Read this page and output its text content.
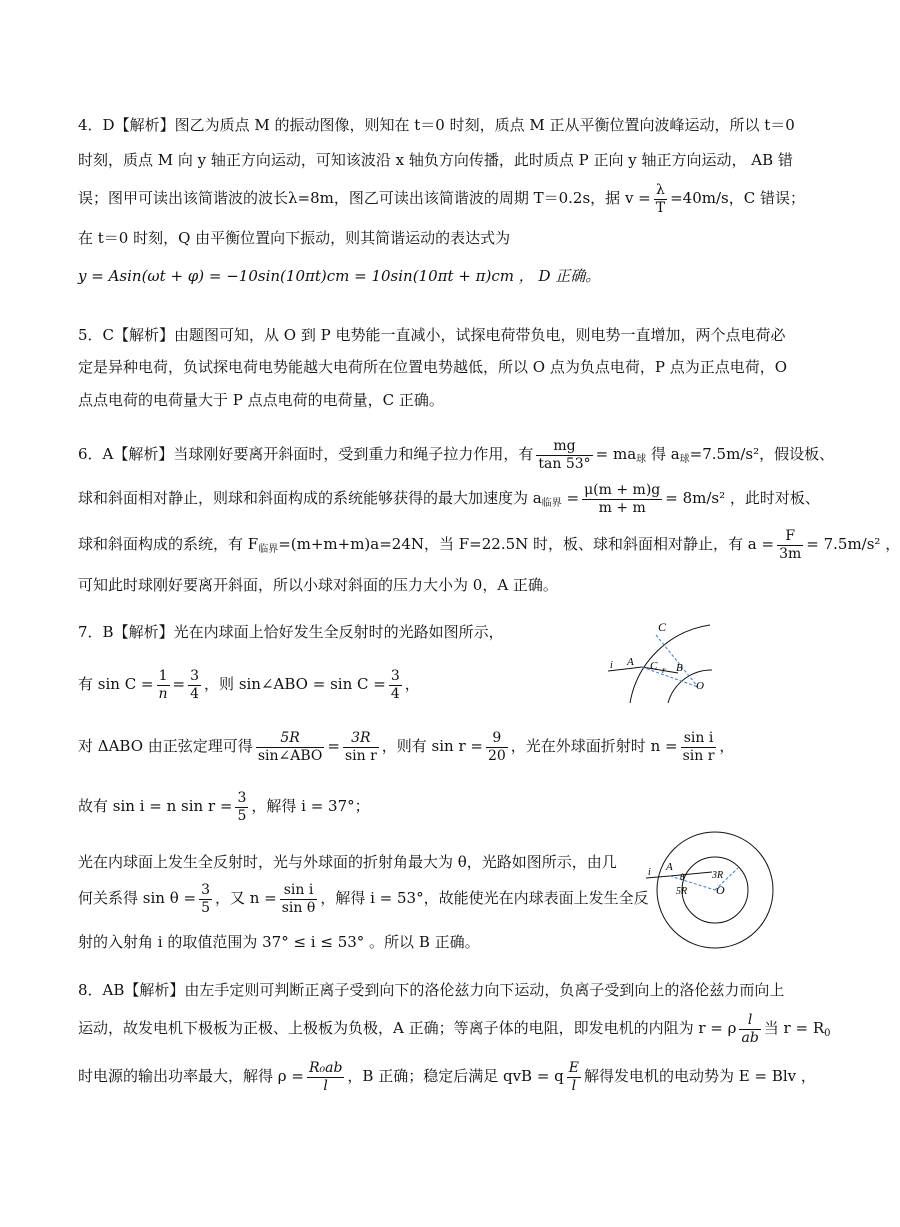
4．D【解析】图乙为质点 M 的振动图像，则知在 t＝0 时刻，质点 M 正从平衡位置向波峰运动，所以 t＝0
时刻，质点 M 向 y 轴正方向运动，可知该波沿 x 轴负方向传播，此时质点 P 正向 y 轴正方向运动， AB 错
误；图甲可读出该简谐波的波长λ=8m，图乙可读出该简谐波的周期 T＝0.2s，据 $v = \frac{\lambda}{T} =40m/s$，C 错误；
在 t＝0 时刻，Q 由平衡位置向下振动，则其简谐运动的表达式为
y = Asin(ωt + φ) = −10sin(10πt)cm = 10sin(10πt + π)cm ， D 正确。
5．C【解析】由题图可知，从 O 到 P 电势能一直减小，试探电荷带负电，则电势一直增加，两个点电荷必
定是异种电荷，负试探电荷电势能越大电荷所在位置电势越低，所以 O 点为负点电荷，P 点为正点电荷，O
点点电荷的电荷量大于 P 点点电荷的电荷量，C 正确。
6．A【解析】当球刚好要离开斜面时，受到重力和绳子拉力作用，有 $\frac{mg}{\tan 53^\circ} = ma_球$ 得 $a_球=7.5m/s^2$，假设板、
球和斜面相对静止，则球和斜面构成的系统能够获得的最大加速度为 $a_{临界} = \frac{\mu(m + m)g}{m + m} = 8m/s^2$ ，此时对板、
球和斜面构成的系统，有 $F_{临界}=(m+m+m)a=24N$，当 F=22.5N 时，板、球和斜面相对静止，有 $a = \frac{F}{3m} = 7.5m/s^2$ ，
可知此时球刚好要离开斜面，所以小球对斜面的压力大小为 0，A 正确。
7．B【解析】光在内球面上恰好发生全反射时的光路如图所示，
有 $\sin C = \frac{1}{n} = \frac{3}{4}$ ，则 sin∠ABO = $\sin C = \frac{3}{4}$ ，
对 ΔABO 由正弦定理可得 $\frac{5R}{\text{sin∠ABO}} = \frac{3R}{\text{sin r}}$ ，则有 $\sin r = \frac{9}{20}$ ，光在外球面折射时 $n = \frac{\text{sin i}}{\text{sin r}}$ ，
故有 sin i = n $\sin r = \frac{3}{5}$ ，解得 i = 37°；
光在内球面上发生全反射时，光与外球面的折射角最大为 θ，光路如图所示，由几
何关系得 $\sin \theta = \frac{3}{5}$ ，又 $n = \frac{\text{sin i}}{\text{sin θ}}$ ，解得 i = 53°，故能使光在内球表面上发生全反
射的入射角 i 的取值范围为 37° ≤ i ≤ 53° 。所以 B 正确。
C
i A C r B
O
A
i	θ
5R
3R
O
8．AB【解析】由左手定则可判断正离子受到向下的洛伦兹力向下运动，负离子受到向上的洛伦兹力而向上
运动，故发电机下极板为正极、上极板为负极，A 正确；等离子体的电阻，即发电机的内阻为 r = ρ $\frac{l}{ab}$ 当 $r = R_0$
时电源的输出功率最大，解得 $\rho = \frac{\text{R₀ab}}{l}$ ，B 正确；稳定后满足 qvB = q $\frac{E}{l}$ 解得发电机的电动势为 E = Blv ，
